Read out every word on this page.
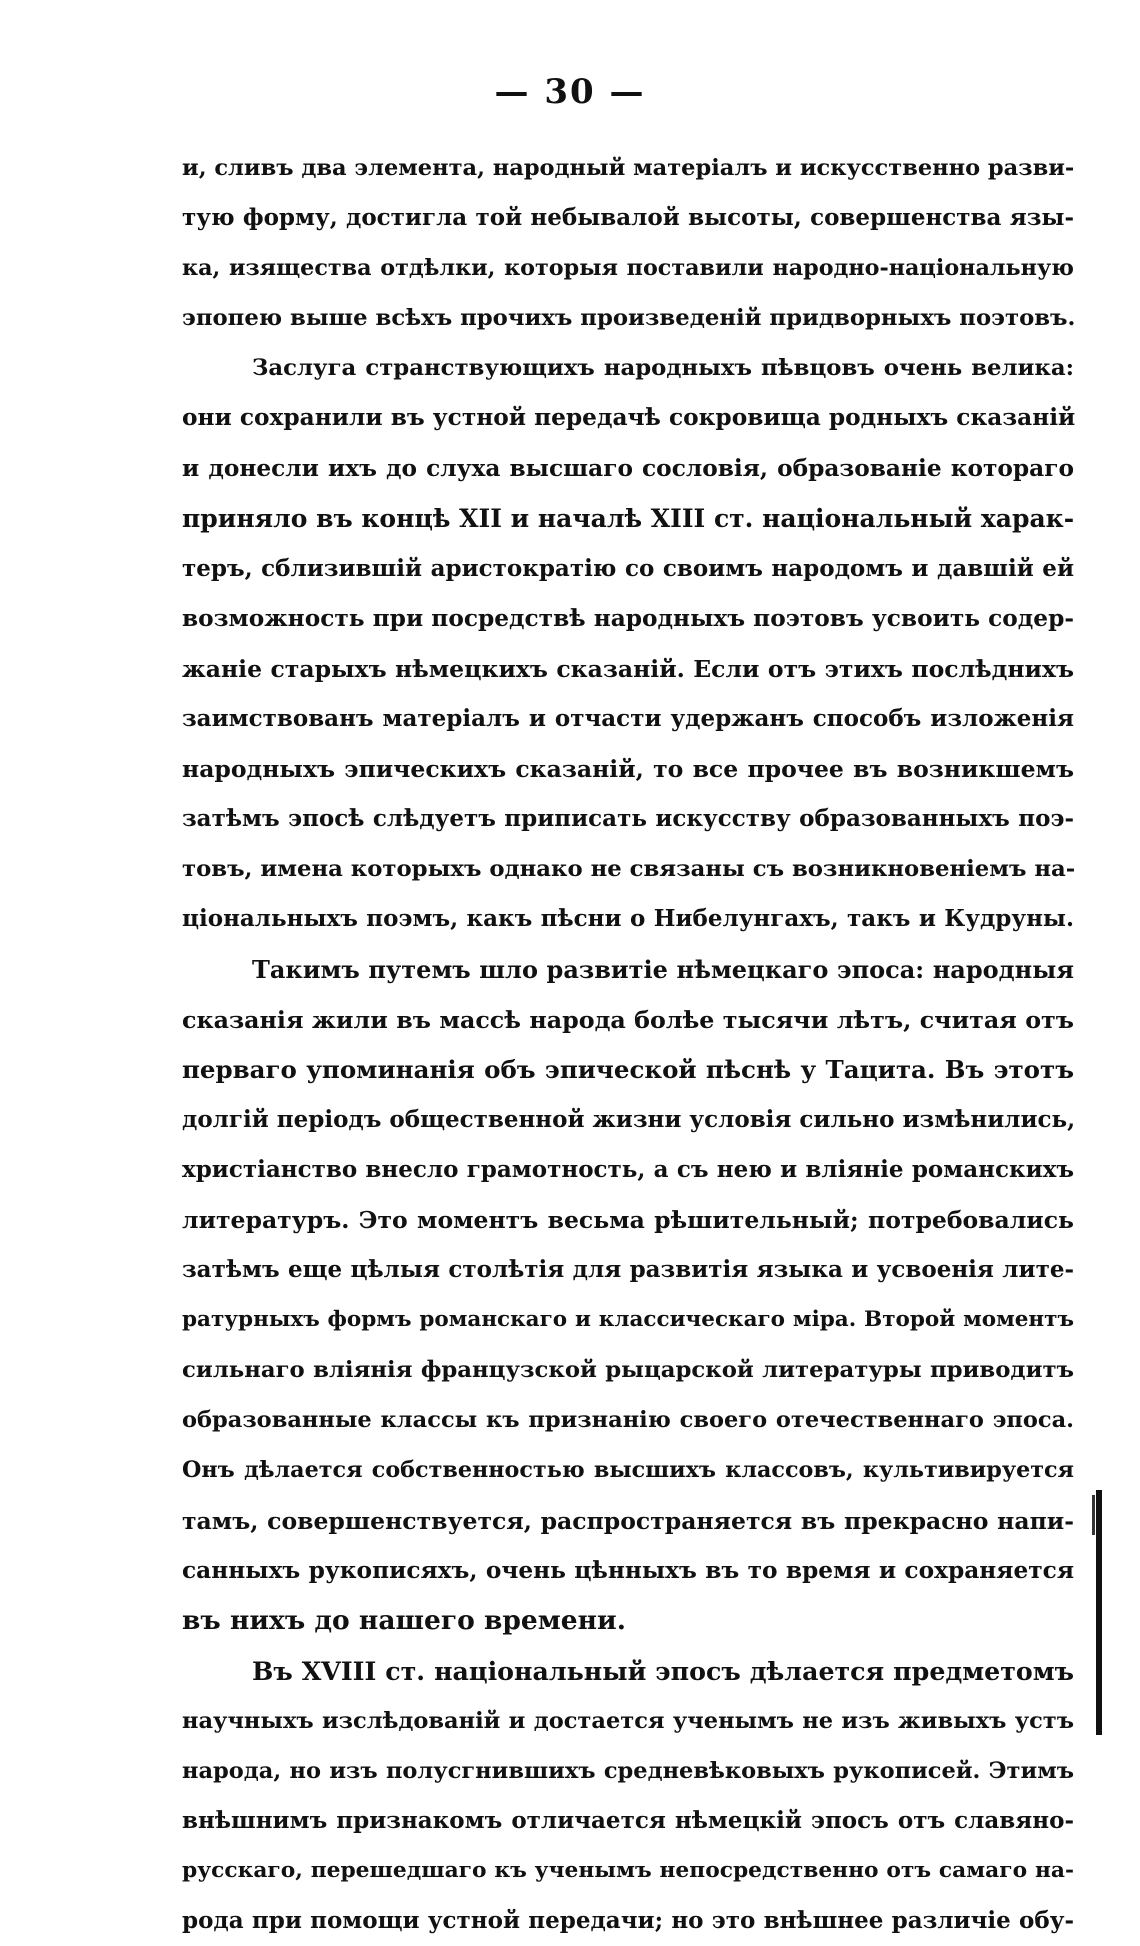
— 30 —
и, сливъ два элемента, народный матеріалъ и искусственно разви-
тую форму, достигла той небывалой высоты, совершенства язы-
ка, изящества отдѣлки, которыя поставили народно-національную
эпопею выше всѣхъ прочихъ произведеній придворныхъ поэтовъ.
Заслуга странствующихъ народныхъ пѣвцовъ очень велика:
они сохранили въ устной передачѣ сокровища родныхъ сказаній
и донесли ихъ до слуха высшаго сословія, образованіе котораго
приняло въ концѣ XII и началѣ XIII ст. національный харак-
теръ, сблизившій аристократію со своимъ народомъ и давшій ей
возможность при посредствѣ народныхъ поэтовъ усвоить содер-
жаніе старыхъ нѣмецкихъ сказаній. Если отъ этихъ послѣднихъ
заимствованъ матеріалъ и отчасти удержанъ способъ изложенія
народныхъ эпическихъ сказаній, то все прочее въ возникшемъ
затѣмъ эпосѣ слѣдуетъ приписать искусству образованныхъ поэ-
товъ, имена которыхъ однако не связаны съ возникновеніемъ на-
ціональныхъ поэмъ, какъ пѣсни о Нибелунгахъ, такъ и Кудруны.
Такимъ путемъ шло развитіе нѣмецкаго эпоса: народныя
сказанія жили въ массѣ народа болѣе тысячи лѣтъ, считая отъ
перваго упоминанія объ эпической пѣснѣ у Тацита. Въ этотъ
долгій періодъ общественной жизни условія сильно измѣнились,
христіанство внесло грамотность, а съ нею и вліяніе романскихъ
литературъ. Это моментъ весьма рѣшительный; потребовались
затѣмъ еще цѣлыя столѣтія для развитія языка и усвоенія лите-
ратурныхъ формъ романскаго и классическаго міра. Второй моментъ
сильнаго вліянія французской рыцарской литературы приводитъ
образованные классы къ признанію своего отечественнаго эпоса.
Онъ дѣлается собственностью высшихъ классовъ, культивируется
тамъ, совершенствуется, распространяется въ прекрасно напи-
санныхъ рукописяхъ, очень цѣнныхъ въ то время и сохраняется
въ нихъ до нашего времени.
Въ XVIII ст. національный эпосъ дѣлается предметомъ
научныхъ изслѣдованій и достается ученымъ не изъ живыхъ устъ
народа, но изъ полусгнившихъ средневѣковыхъ рукописей. Этимъ
внѣшнимъ признакомъ отличается нѣмецкій эпосъ отъ славяно-
русскаго, перешедшаго къ ученымъ непосредственно отъ самаго на-
рода при помощи устной передачи; но это внѣшнее различіе обу-
